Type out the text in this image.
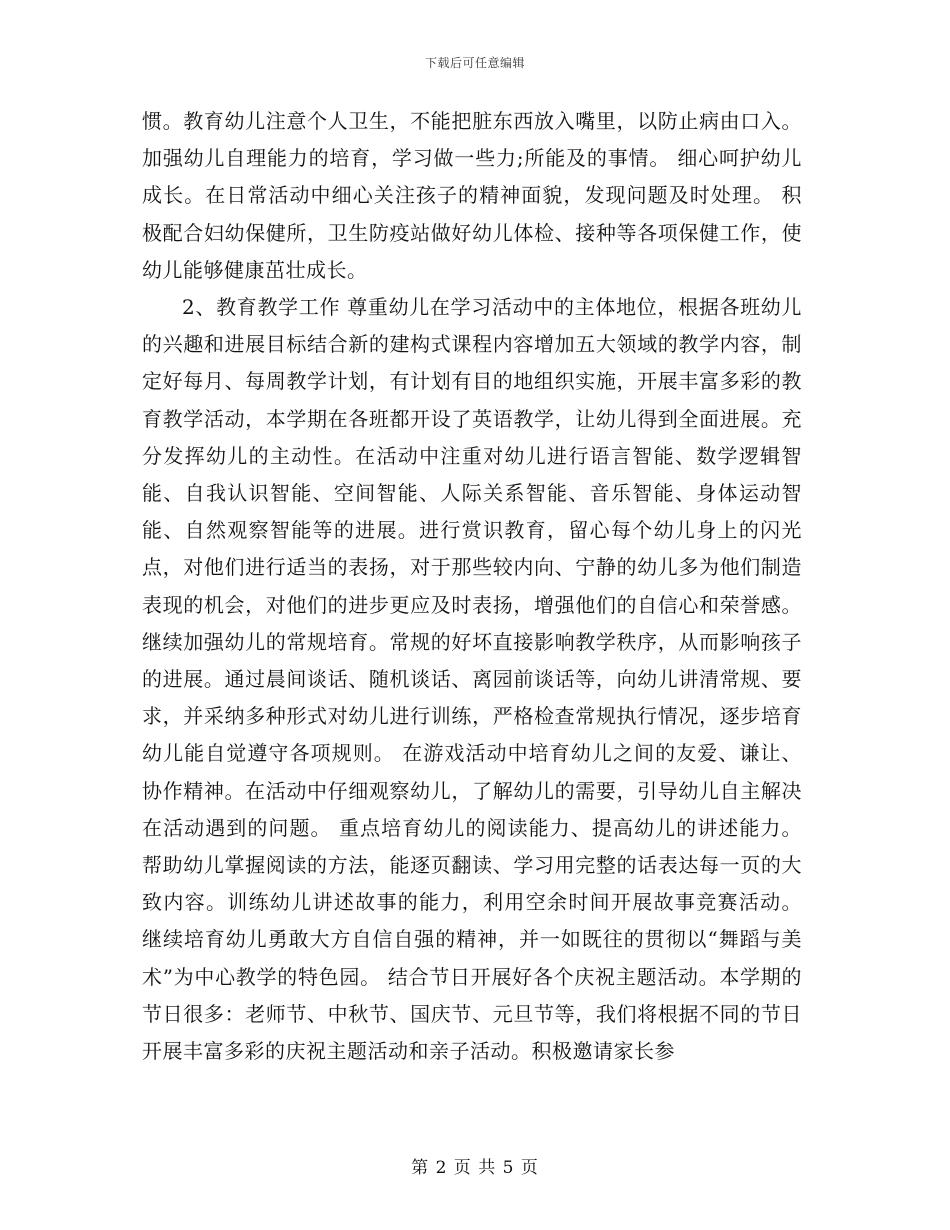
下载后可任意编辑

惯。教育幼儿注意个人卫生，不能把脏东西放入嘴里，以防止病由口入。加强幼儿自理能力的培育，学习做一些力;所能及的事情。 细心呵护幼儿成长。在日常活动中细心关注孩子的精神面貌，发现问题及时处理。 积极配合妇幼保健所，卫生防疫站做好幼儿体检、接种等各项保健工作，使幼儿能够健康茁壮成长。

2、教育教学工作 尊重幼儿在学习活动中的主体地位，根据各班幼儿的兴趣和进展目标结合新的建构式课程内容增加五大领域的教学内容，制定好每月、每周教学计划，有计划有目的地组织实施，开展丰富多彩的教育教学活动，本学期在各班都开设了英语教学，让幼儿得到全面进展。充分发挥幼儿的主动性。在活动中注重对幼儿进行语言智能、数学逻辑智能、自我认识智能、空间智能、人际关系智能、音乐智能、身体运动智能、自然观察智能等的进展。进行赏识教育，留心每个幼儿身上的闪光点，对他们进行适当的表扬，对于那些较内向、宁静的幼儿多为他们制造表现的机会，对他们的进步更应及时表扬，增强他们的自信心和荣誉感。继续加强幼儿的常规培育。常规的好坏直接影响教学秩序，从而影响孩子的进展。通过晨间谈话、随机谈话、离园前谈话等，向幼儿讲清常规、要求，并采纳多种形式对幼儿进行训练，严格检查常规执行情况，逐步培育幼儿能自觉遵守各项规则。 在游戏活动中培育幼儿之间的友爱、谦让、协作精神。在活动中仔细观察幼儿，了解幼儿的需要，引导幼儿自主解决在活动遇到的问题。 重点培育幼儿的阅读能力、提高幼儿的讲述能力。帮助幼儿掌握阅读的方法，能逐页翻读、学习用完整的话表达每一页的大致内容。训练幼儿讲述故事的能力，利用空余时间开展故事竞赛活动。 继续培育幼儿勇敢大方自信自强的精神，并一如既往的贯彻以“舞蹈与美术”为中心教学的特色园。 结合节日开展好各个庆祝主题活动。本学期的节日很多：老师节、中秋节、国庆节、元旦节等，我们将根据不同的节日开展丰富多彩的庆祝主题活动和亲子活动。积极邀请家长参

第 2 页 共 5 页
